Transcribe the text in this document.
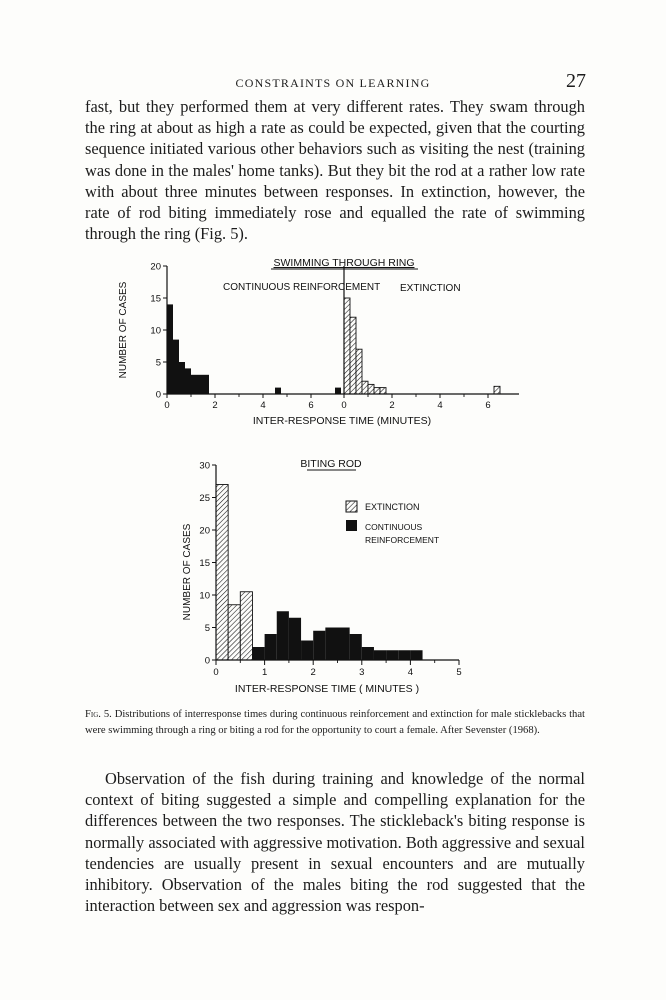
CONSTRAINTS ON LEARNING	27

fast, but they performed them at very different rates. They swam through the ring at about as high a rate as could be expected, given that the courting sequence initiated various other behaviors such as visiting the nest (training was done in the males' home tanks). But they bit the rod at a rather low rate with about three minutes between responses. In extinction, however, the rate of rod biting immediately rose and equalled the rate of swimming through the ring (Fig. 5).

SWIMMING THROUGH RING
NUMBER OF CASES
INTER-RESPONSE TIME (MINUTES)
CONTINUOUS REINFORCEMENT EXTINCTION
0	2	4	6	0	2	4	6
0
5
10
15
20
BITING ROD
NUMBER OF CASES
INTER-RESPONSE TIME ( MINUTES )
EXTINCTION
CONTINUOUS
REINFORCEMENT
0
5
10
15
20
25
30
0	1	2	3	4	5

Fig. 5. Distributions of interresponse times during continuous reinforcement and extinction for male sticklebacks that were swimming through a ring or biting a rod for the opportunity to court a female. After Sevenster (1968).

Observation of the fish during training and knowledge of the normal context of biting suggested a simple and compelling explanation for the differences between the two responses. The stickleback's biting response is normally associated with aggressive motivation. Both aggressive and sexual tendencies are usually present in sexual encounters and are mutually inhibitory. Observation of the males biting the rod suggested that the interaction between sex and aggression was respon-
